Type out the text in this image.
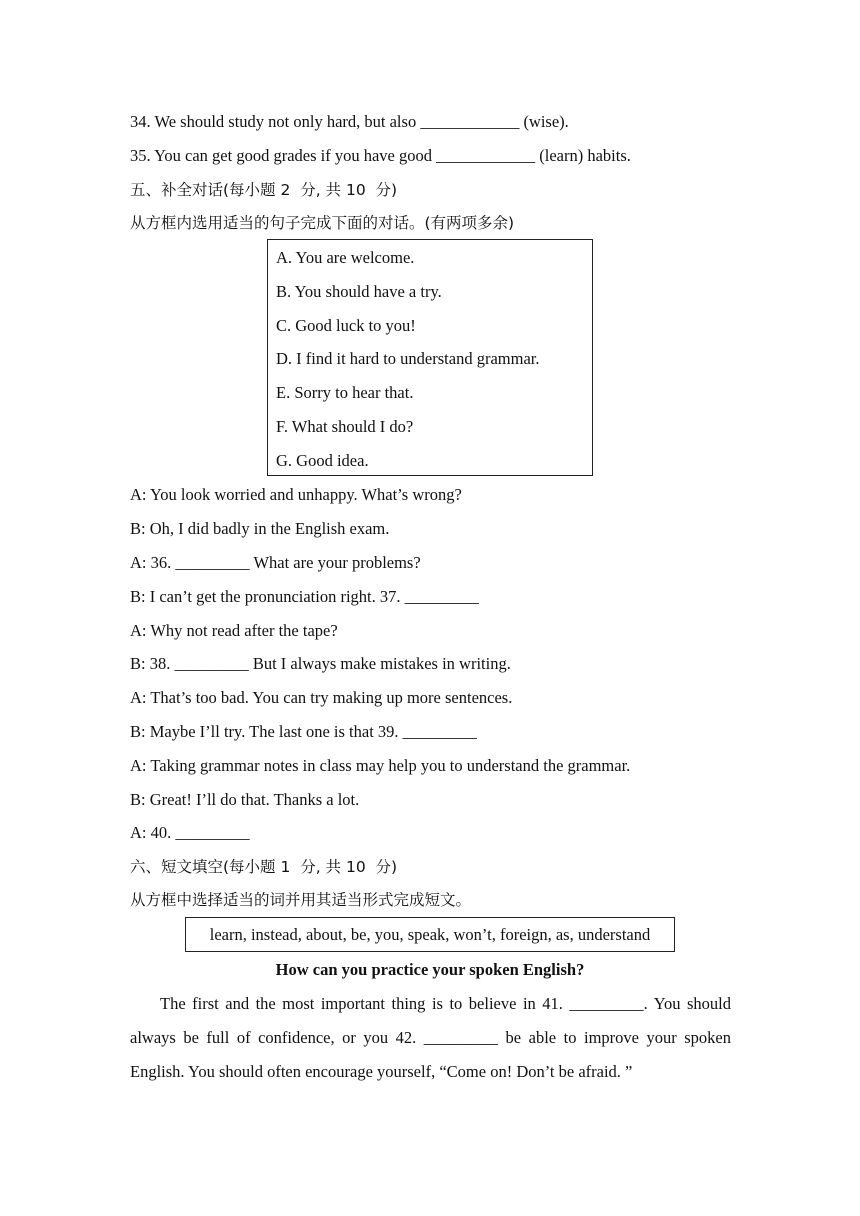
34. We should study not only hard, but also ____________ (wise).
35. You can get good grades if you have good ____________ (learn) habits.
五、补全对话(每小题 2  分, 共 10  分)
从方框内选用适当的句子完成下面的对话。(有两项多余)
A. You are welcome.
B. You should have a try.
C. Good luck to you!
D. I find it hard to understand grammar.
E. Sorry to hear that.
F. What should I do?
G. Good idea.
A: You look worried and unhappy. What’s wrong?
B: Oh, I did badly in the English exam.
A: 36. _________ What are your problems?
B: I can’t get the pronunciation right. 37. _________
A: Why not read after the tape?
B: 38. _________ But I always make mistakes in writing.
A: That’s too bad. You can try making up more sentences.
B: Maybe I’ll try. The last one is that 39. _________
A: Taking grammar notes in class may help you to understand the grammar.
B: Great! I’ll do that. Thanks a lot.
A: 40. _________
六、短文填空(每小题 1  分, 共 10  分)
从方框中选择适当的词并用其适当形式完成短文。
learn, instead, about, be, you, speak, won’t, foreign, as, understand
How can you practice your spoken English?
The first and the most important thing is to believe in 41. _________. You should
always be full of confidence, or you 42. _________ be able to improve your spoken
English. You should often encourage yourself, “Come on! Don’t be afraid. ”
